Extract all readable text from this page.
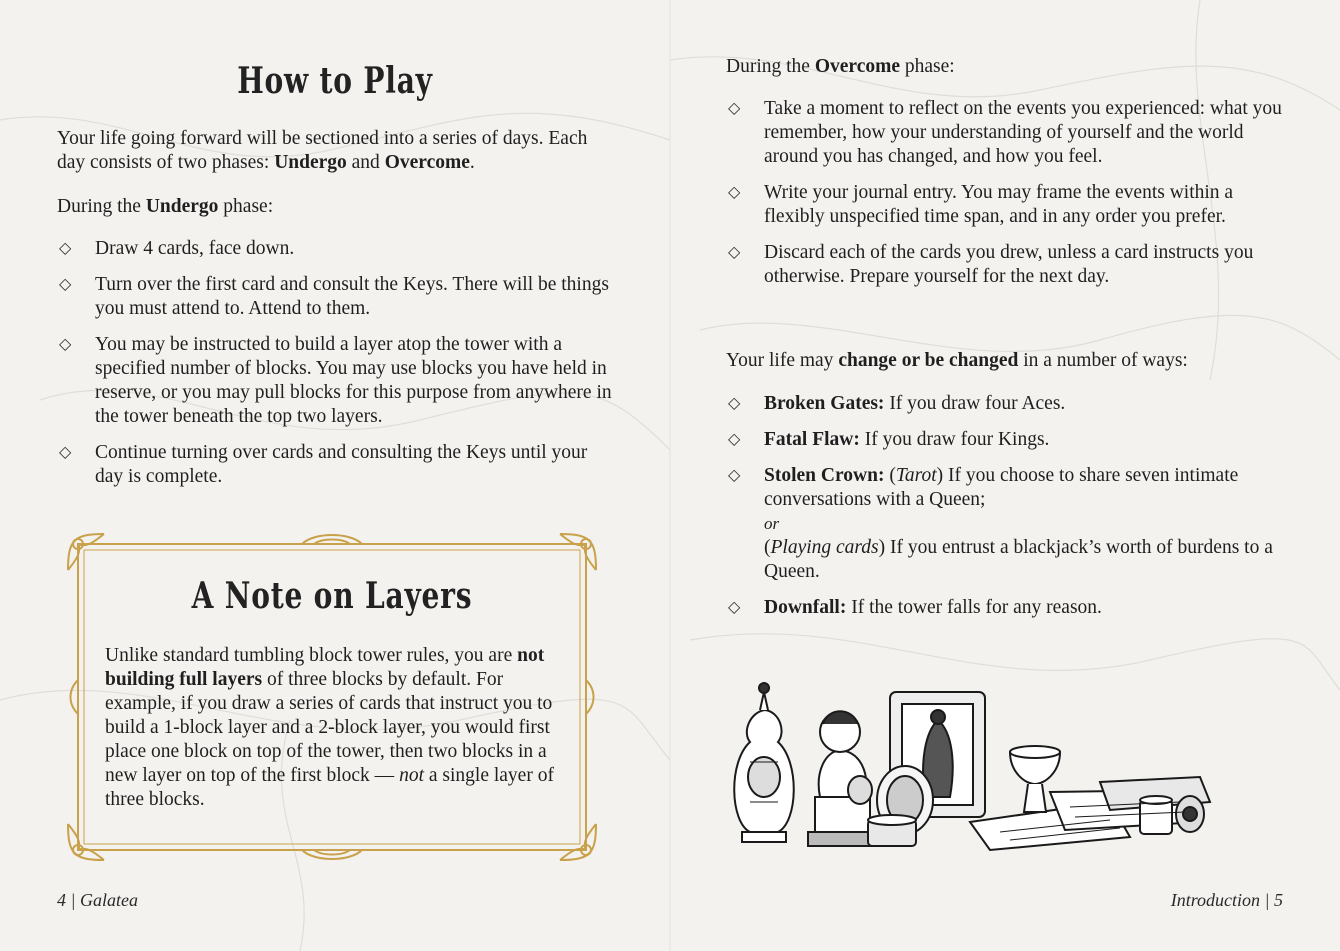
How to Play

Your life going forward will be sectioned into a series of days. Each day consists of two phases: Undergo and Overcome.

During the Undergo phase:

◇ Draw 4 cards, face down.
◇ Turn over the first card and consult the Keys. There will be things you must attend to. Attend to them.
◇ You may be instructed to build a layer atop the tower with a specified number of blocks. You may use blocks you have held in reserve, or you may pull blocks for this purpose from anywhere in the tower beneath the top two layers.
◇ Continue turning over cards and consulting the Keys until your day is complete.
A Note on Layers

Unlike standard tumbling block tower rules, you are not building full layers of three blocks by default. For example, if you draw a series of cards that instruct you to build a 1-block layer and a 2-block layer, you would first place one block on top of the tower, then two blocks in a new layer on top of the first block — not a single layer of three blocks.

4 | Galatea

During the Overcome phase:

◇ Take a moment to reflect on the events you experienced: what you remember, how your understanding of yourself and the world around you has changed, and how you feel.
◇ Write your journal entry. You may frame the events within a flexibly unspecified time span, and in any order you prefer.
◇ Discard each of the cards you drew, unless a card instructs you otherwise. Prepare yourself for the next day.

Your life may change or be changed in a number of ways:

◇ Broken Gates: If you draw four Aces.
◇ Fatal Flaw: If you draw four Kings.
◇ Stolen Crown: (Tarot) If you choose to share seven intimate conversations with a Queen;
or
(Playing cards) If you entrust a blackjack’s worth of burdens to a Queen.
◇ Downfall: If the tower falls for any reason.
Introduction | 5
